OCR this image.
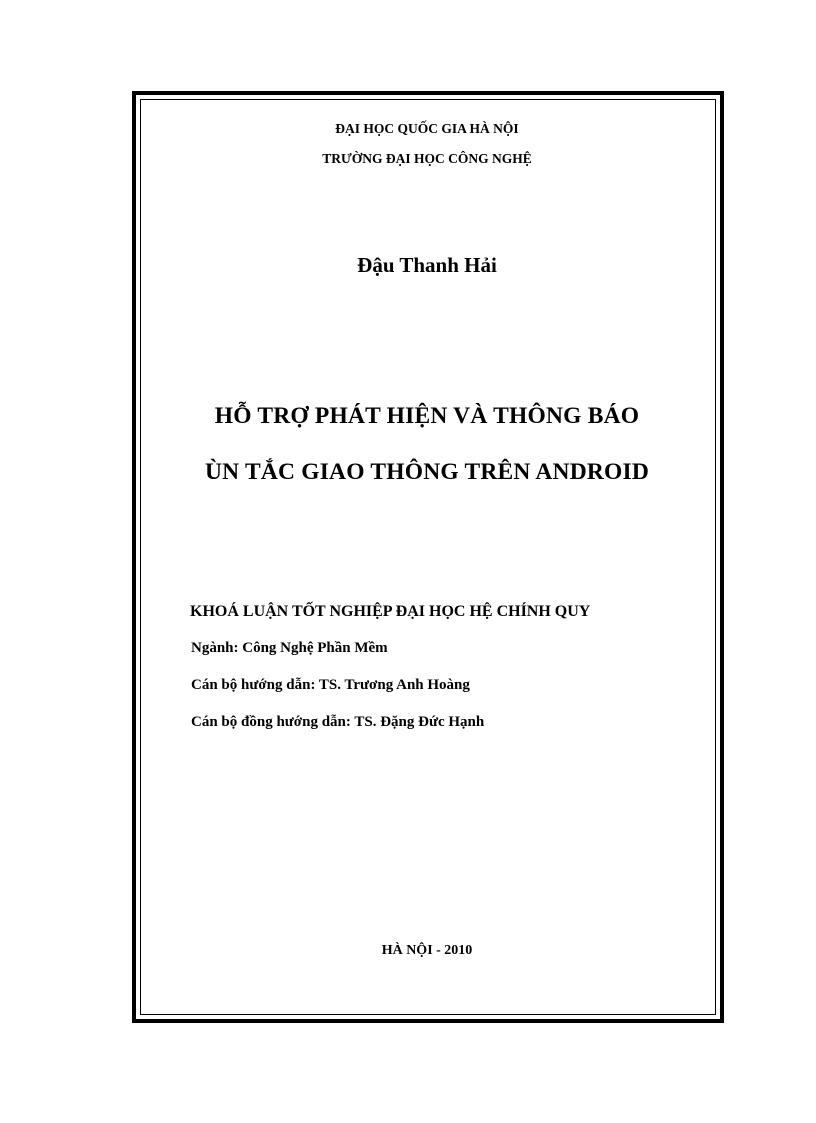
ĐẠI HỌC QUỐC GIA HÀ NỘI
TRƯỜNG ĐẠI HỌC CÔNG NGHỆ
Đậu Thanh Hải
HỖ TRỢ PHÁT HIỆN VÀ THÔNG BÁO
ÙN TẮC GIAO THÔNG TRÊN ANDROID
KHOÁ LUẬN TỐT NGHIỆP ĐẠI HỌC HỆ CHÍNH QUY
Ngành: Công Nghệ Phần Mềm
Cán bộ hướng dẫn: TS. Trương Anh Hoàng
Cán bộ đồng hướng dẫn: TS. Đặng Đức Hạnh
HÀ NỘI - 2010
